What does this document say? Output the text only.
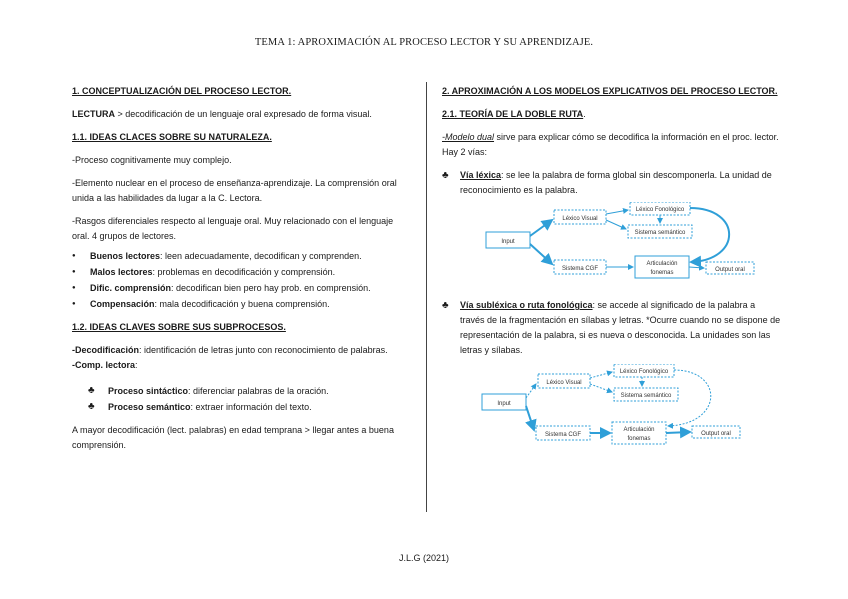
TEMA 1: APROXIMACIÓN AL PROCESO LECTOR Y SU APRENDIZAJE.

1. CONCEPTUALIZACIÓN DEL PROCESO LECTOR.

LECTURA > decodificación de un lenguaje oral expresado de forma visual.

1.1. IDEAS CLACES SOBRE SU NATURALEZA.

-Proceso cognitivamente muy complejo.

-Elemento nuclear en el proceso de enseñanza-aprendizaje. La comprensión oral unida a las habilidades da lugar a la C. Lectora.

-Rasgos diferenciales respecto al lenguaje oral. Muy relacionado con el lenguaje oral. 4 grupos de lectores.

● Buenos lectores: leen adecuadamente, decodifican y comprenden.
● Malos lectores: problemas en decodificación y comprensión.
● Dific. comprensión: decodifican bien pero hay prob. en comprensión.
● Compensación: mala decodificación y buena comprensión.

1.2. IDEAS CLAVES SOBRE SUS SUBPROCESOS.

-Decodificación: identificación de letras junto con reconocimiento de palabras.

-Comp. lectora:

♣ Proceso sintáctico: diferenciar palabras de la oración.
♣ Proceso semántico: extraer información del texto.

A mayor decodificación (lect. palabras) en edad temprana > llegar antes a buena comprensión.

2. APROXIMACIÓN A LOS MODELOS EXPLICATIVOS DEL PROCESO LECTOR.

2.1. TEORÍA DE LA DOBLE RUTA.

-Modelo dual sirve para explicar cómo se decodifica la información en el proc. lector. Hay 2 vías:

♣ Vía léxica: se lee la palabra de forma global sin descomponerla. La unidad de reconocimiento es la palabra.

Input
Léxico Visual
Léxico Fonológico
Sistema semántico
Sistema CGF
Articulación
fonemas	Output oral

♣ Vía subléxica o ruta fonológica: se accede al significado de la palabra a través de la fragmentación en sílabas y letras. *Ocurre cuando no se dispone de representación de la palabra, si es nueva o desconocida. La unidades son las letras y sílabas.

Input
Léxico Visual
Léxico Fonológico
Sistema semántico
Sistema CGF
Articulación
fonemas
Output oral
J.L.G (2021)
